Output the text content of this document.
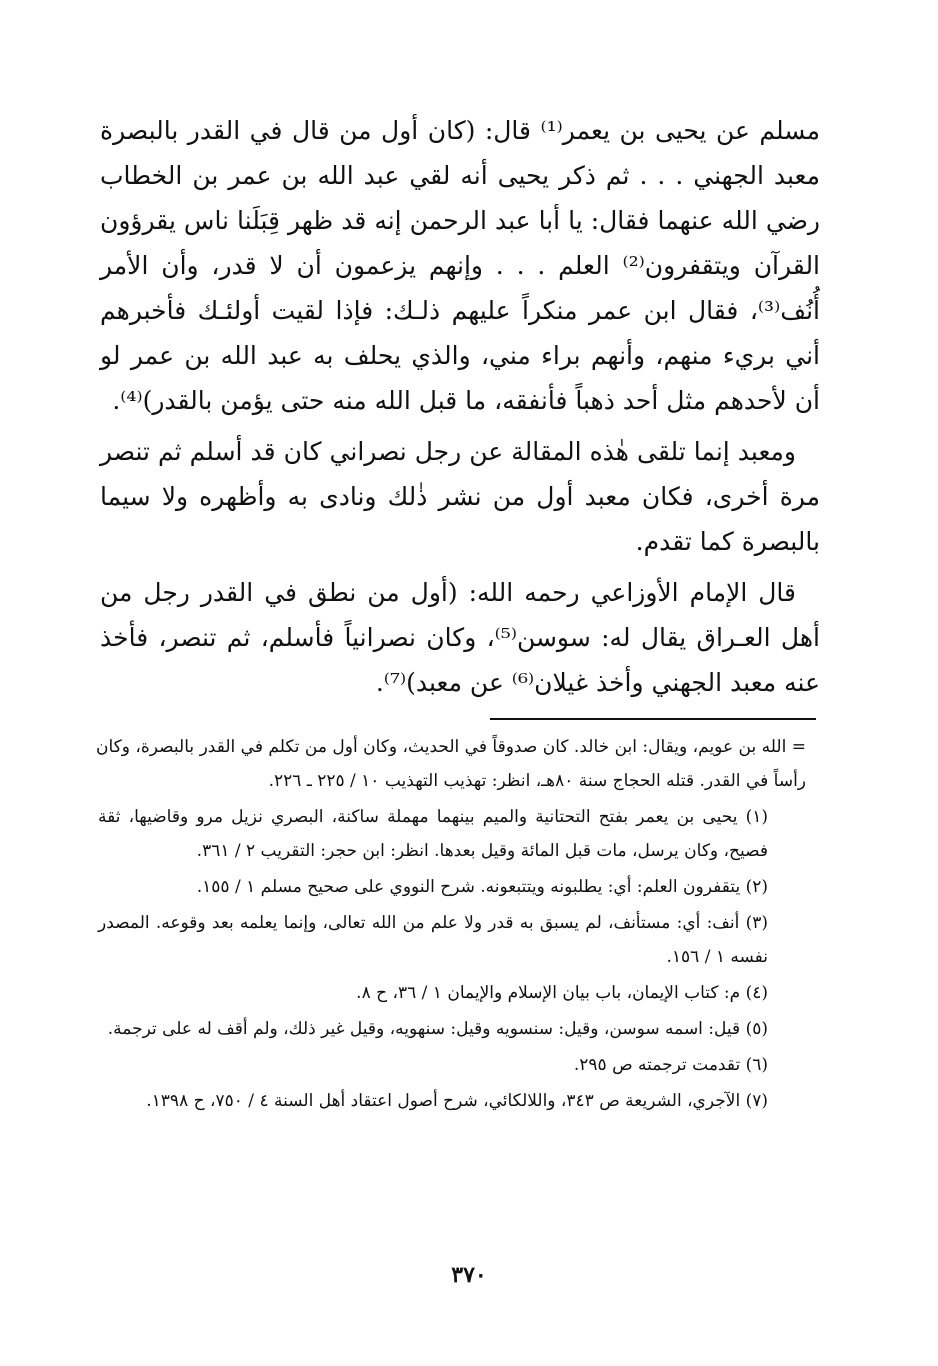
مسلم عن يحيى بن يعمر⁽¹⁾ قال: (كان أول من قال في القدر بالبصرة معبد الجهني . . . ثم ذكر يحيى أنه لقي عبد الله بن عمر بن الخطاب رضي الله عنهما فقال: يا أبا عبد الرحمن إنه قد ظهر قِبَلَنا ناس يقرؤون القرآن ويتقفرون⁽²⁾ العلم . . . وإنهم يزعمون أن لا قدر، وأن الأمر أُنُف⁽³⁾، فقال ابن عمر منكراً عليهم ذلـك: فإذا لقيت أولئـك فأخبرهم أني بريء منهم، وأنهم براء مني، والذي يحلف به عبد الله بن عمر لو أن لأحدهم مثل أحد ذهباً فأنفقه، ما قبل الله منه حتى يؤمن بالقدر)⁽⁴⁾.

ومعبد إنما تلقى هٰذه المقالة عن رجل نصراني كان قد أسلم ثم تنصر مرة أخرى، فكان معبد أول من نشر ذٰلك ونادى به وأظهره ولا سيما بالبصرة كما تقدم.

قال الإمام الأوزاعي رحمه الله: (أول من نطق في القدر رجل من أهل العـراق يقال له: سوسن⁽⁵⁾، وكان نصرانياً فأسلم، ثم تنصر، فأخذ عنه معبد الجهني وأخذ غيلان⁽⁶⁾ عن معبد)⁽⁷⁾.

= الله بن عويم، ويقال: ابن خالد. كان صدوقاً في الحديث، وكان أول من تكلم في القدر بالبصرة، وكان رأساً في القدر. قتله الحجاج سنة ٨٠هـ، انظر: تهذيب التهذيب ١٠ / ٢٢٥ ـ ٢٢٦.

(١) يحيى بن يعمر بفتح التحتانية والميم بينهما مهملة ساكنة، البصري نزيل مرو وقاضيها، ثقة فصيح، وكان يرسل، مات قبل المائة وقيل بعدها. انظر: ابن حجر: التقريب ٢ / ٣٦١.

(٢) يتقفرون العلم: أي: يطلبونه ويتتبعونه. شرح النووي على صحيح مسلم ١ / ١٥٥.

(٣) أنف: أي: مستأنف، لم يسبق به قدر ولا علم من الله تعالى، وإنما يعلمه بعد وقوعه. المصدر نفسه ١ / ١٥٦.

(٤) م: كتاب الإيمان، باب بيان الإسلام والإيمان ١ / ٣٦، ح ٨.

(٥) قيل: اسمه سوسن، وقيل: سنسويه وقيل: سنهويه، وقيل غير ذلك، ولم أقف له على ترجمة.

(٦) تقدمت ترجمته ص ٢٩٥.

(٧) الآجري، الشريعة ص ٣٤٣، واللالكائي، شرح أصول اعتقاد أهل السنة ٤ / ٧٥٠، ح ١٣٩٨.

٣٧٠
